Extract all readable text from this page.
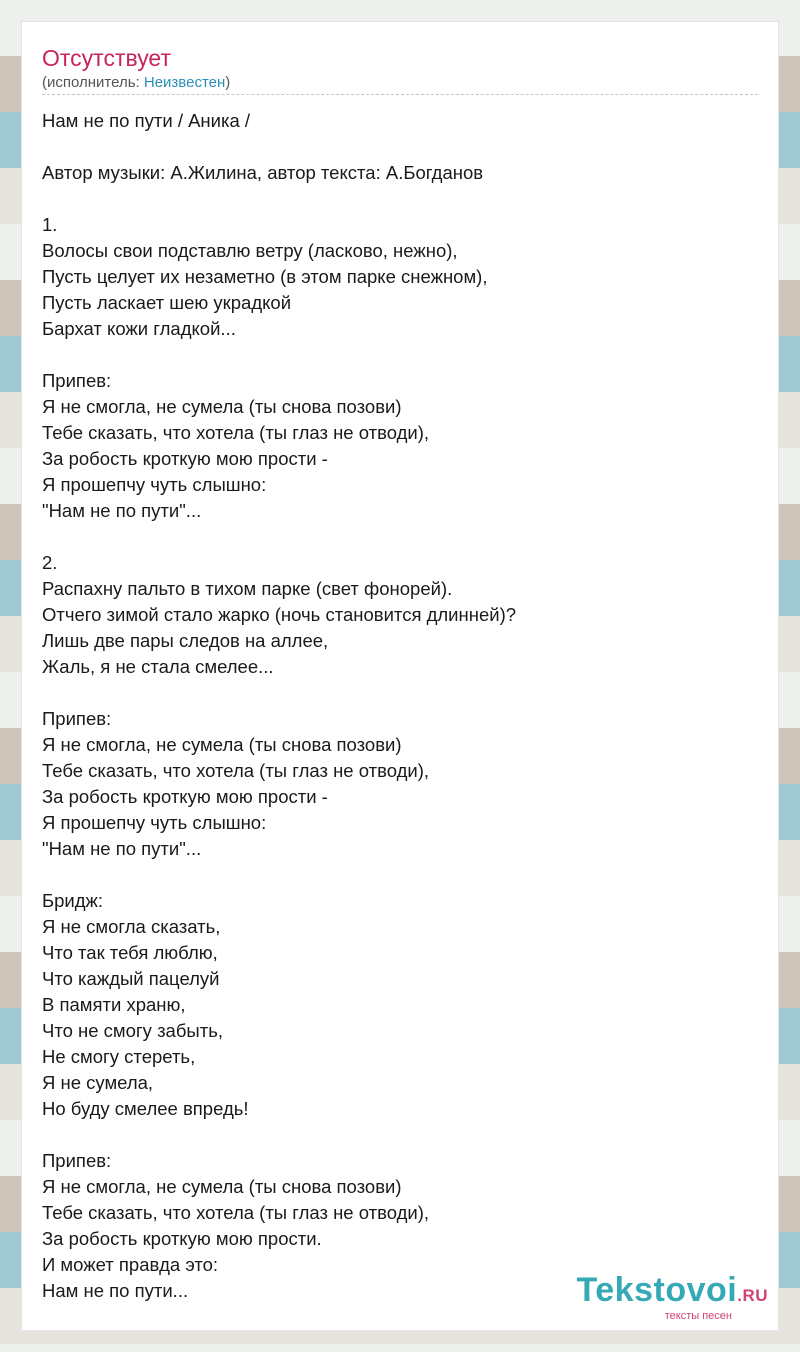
Отсутствует
(исполнитель: Неизвестен)
Нам не по пути / Аника /
Автор музыки: А.Жилина, автор текста: А.Богданов
1.
Волосы свои подставлю ветру (ласково, нежно),
Пусть целует их незаметно (в этом парке снежном),
Пусть ласкает шею украдкой
Бархат кожи гладкой...
Припев:
Я не смогла, не сумела (ты снова позови)
Тебе сказать, что хотела (ты глаз не отводи),
За робость кроткую мою прости -
Я прошепчу чуть слышно:
"Нам не по пути"...
2.
Распахну пальто в тихом парке (свет фонорей).
Отчего зимой стало жарко (ночь становится длинней)?
Лишь две пары следов на аллее,
Жаль, я не стала смелее...
Припев:
Я не смогла, не сумела (ты снова позови)
Тебе сказать, что хотела (ты глаз не отводи),
За робость кроткую мою прости -
Я прошепчу чуть слышно:
"Нам не по пути"...
Бридж:
Я не смогла сказать,
Что так тебя люблю,
Что каждый пацелуй
В памяти храню,
Что не смогу забыть,
Не смогу стереть,
Я не сумела,
Но буду смелее впредь!
Припев:
Я не смогла, не сумела (ты снова позови)
Тебе сказать, что хотела (ты глаз не отводи),
За робость кроткую мою прости.
И может правда это:
Нам не по пути...	Tekstovoi.RU
тексты песен
